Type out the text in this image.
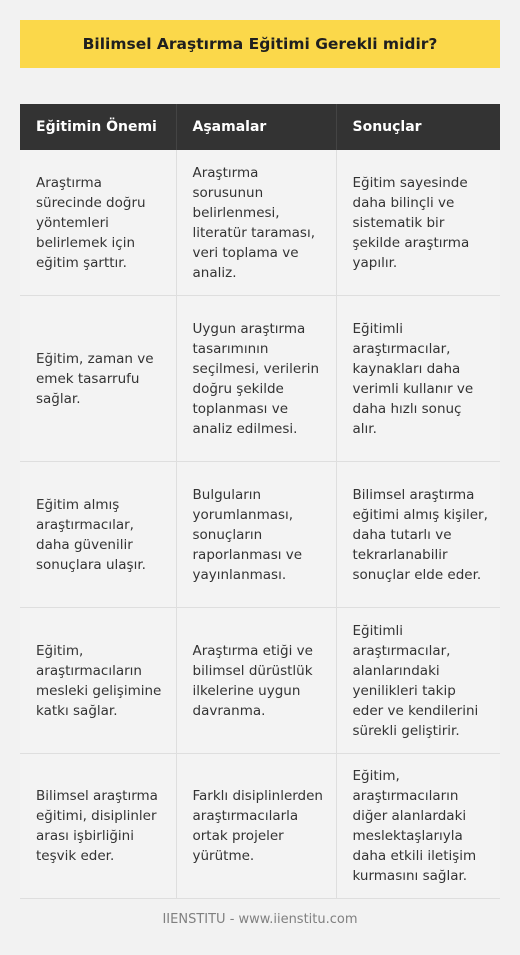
Bilimsel Araştırma Eğitimi Gerekli midir?
Eğitimin Önemi	Aşamalar	Sonuçlar
Araştırma sürecinde doğru yöntemleri belirlemek için eğitim şarttır.	Araştırma sorusunun belirlenmesi, literatür taraması, veri toplama ve analiz.	Eğitim sayesinde daha bilinçli ve sistematik bir şekilde araştırma yapılır.
Eğitim, zaman ve emek tasarrufu sağlar.	Uygun araştırma tasarımının seçilmesi, verilerin doğru şekilde toplanması ve analiz edilmesi.	Eğitimli araştırmacılar, kaynakları daha verimli kullanır ve daha hızlı sonuç alır.
Eğitim almış araştırmacılar, daha güvenilir sonuçlara ulaşır.	Bulguların yorumlanması, sonuçların raporlanması ve yayınlanması.	Bilimsel araştırma eğitimi almış kişiler, daha tutarlı ve tekrarlanabilir sonuçlar elde eder.
Eğitim, araştırmacıların mesleki gelişimine katkı sağlar.	Araştırma etiği ve bilimsel dürüstlük ilkelerine uygun davranma.	Eğitimli araştırmacılar, alanlarındaki yenilikleri takip eder ve kendilerini sürekli geliştirir.
Bilimsel araştırma eğitimi, disiplinler arası işbirliğini teşvik eder.	Farklı disiplinlerden araştırmacılarla ortak projeler yürütme.	Eğitim, araştırmacıların diğer alanlardaki meslektaşlarıyla daha etkili iletişim kurmasını sağlar.
IIENSTITU - www.iienstitu.com
